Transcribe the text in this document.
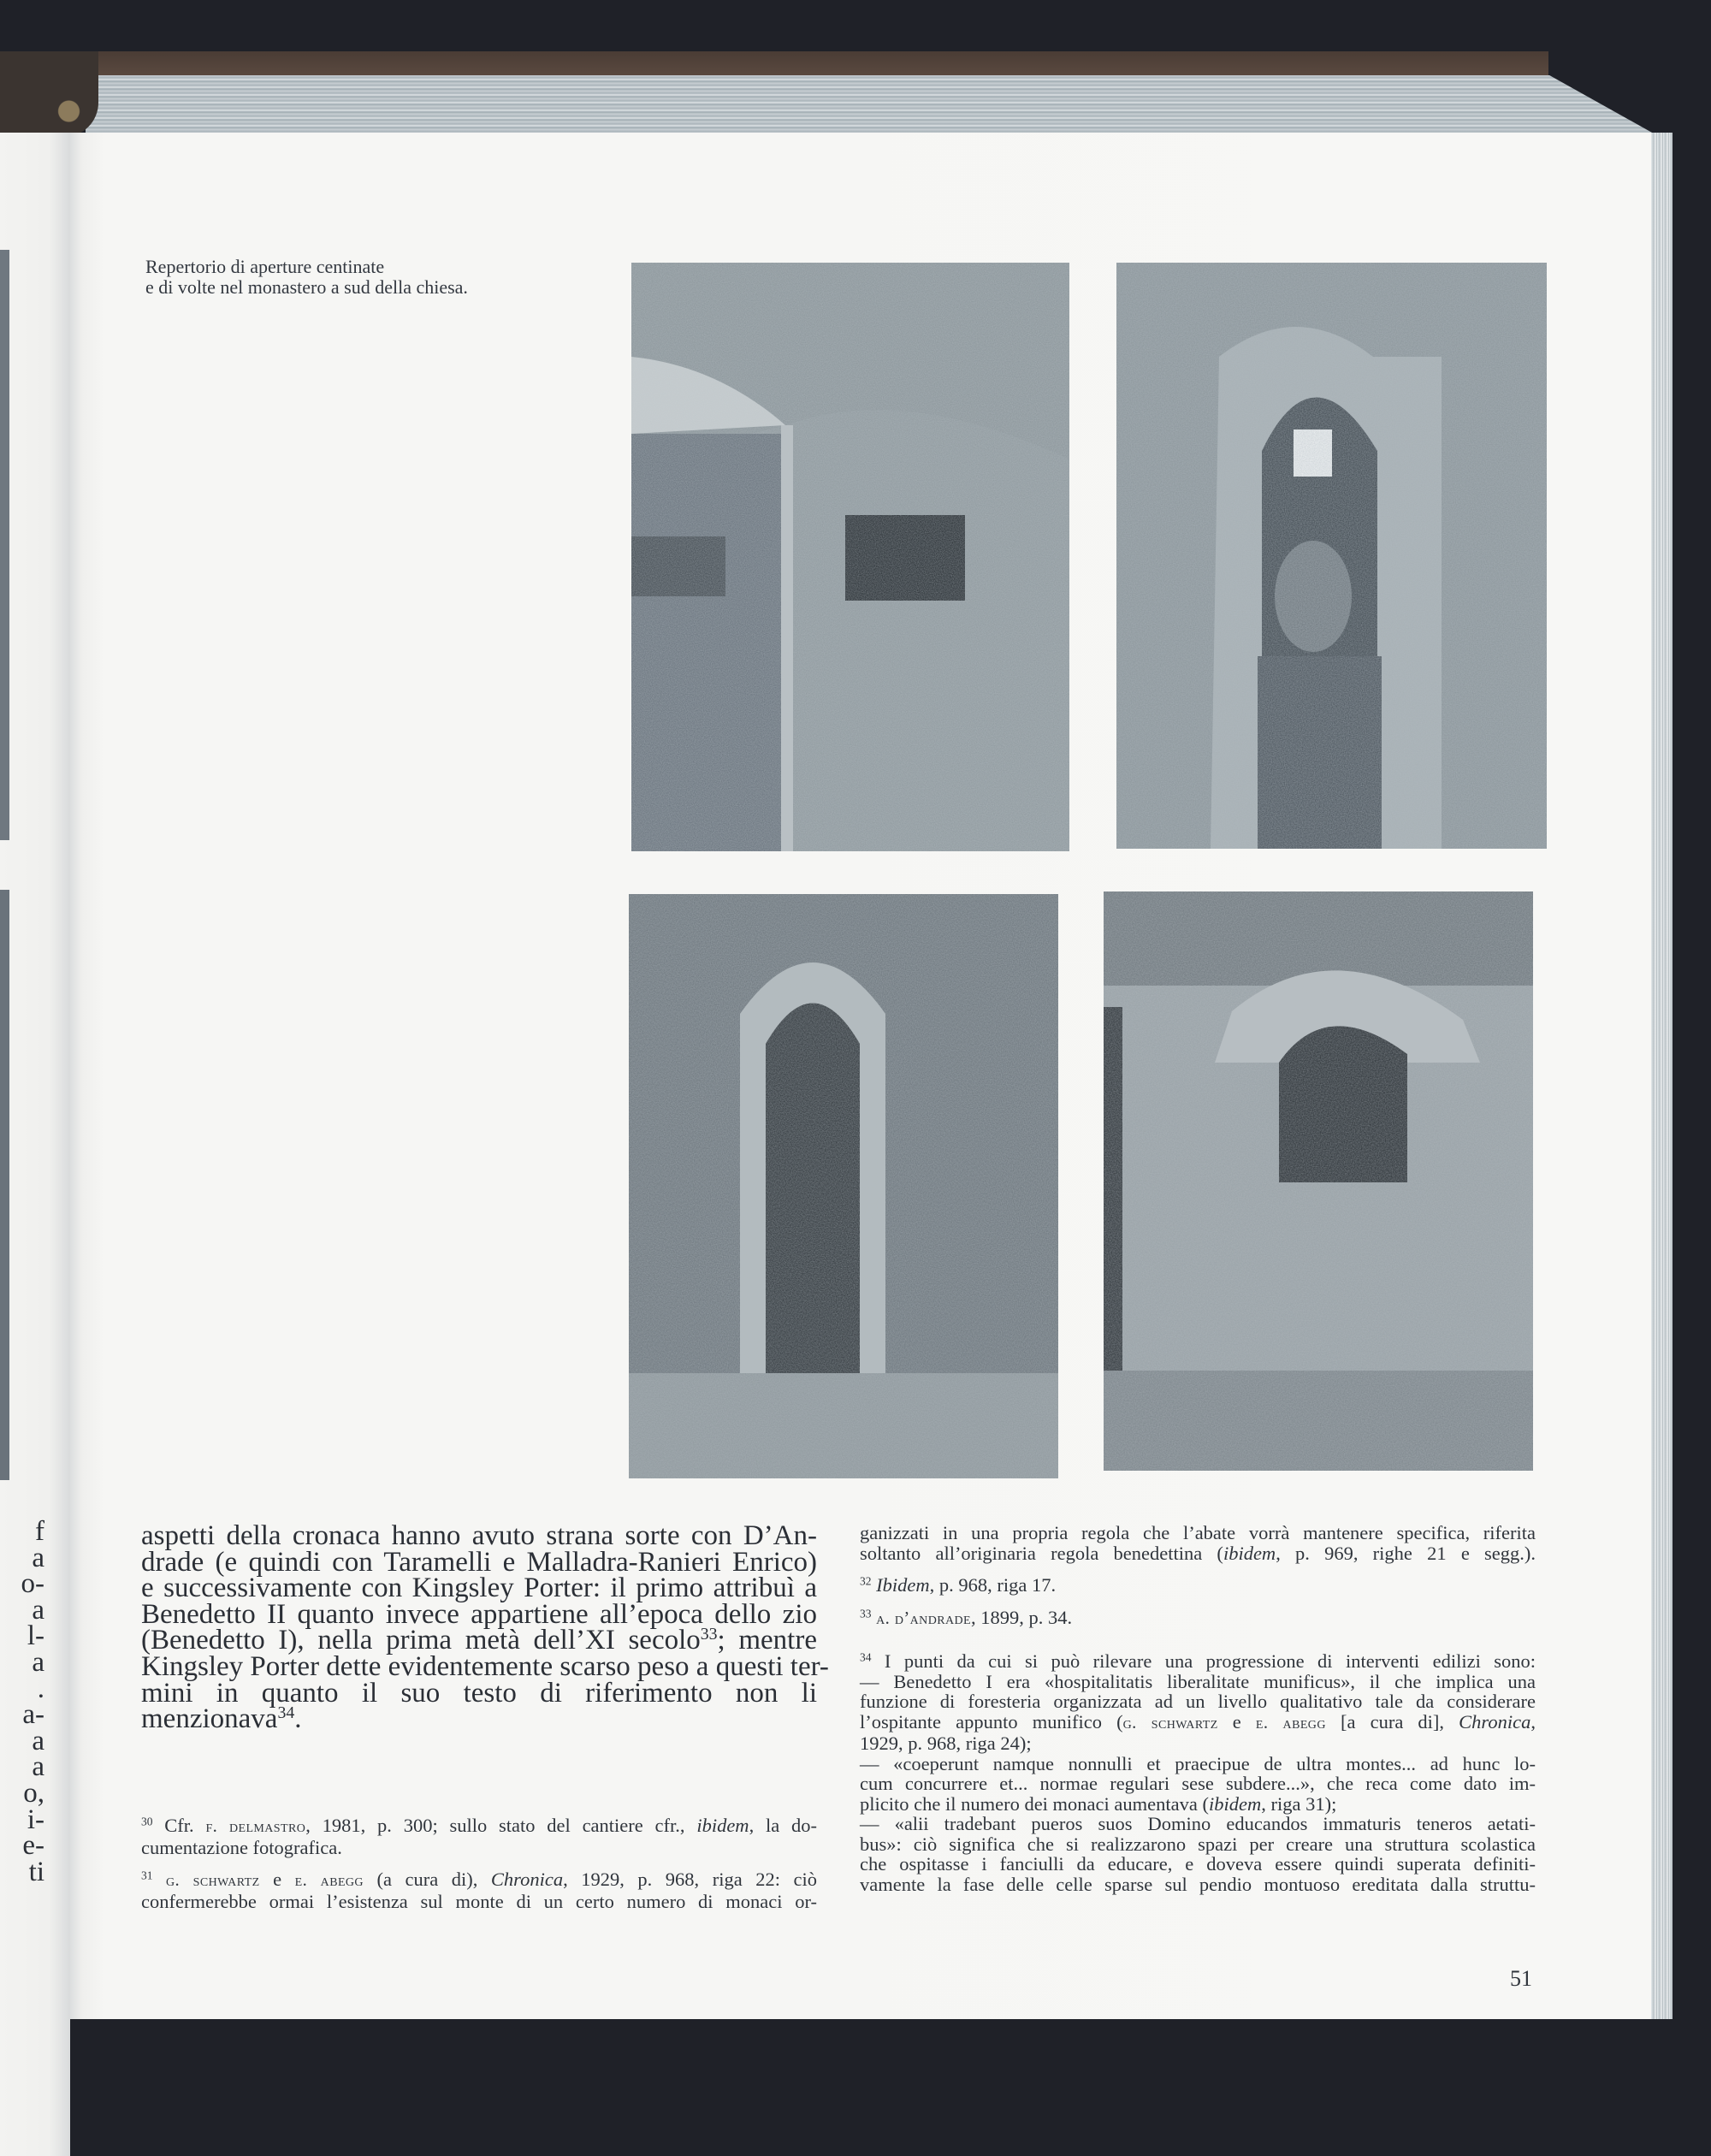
f
a
o-
a
l-
a
.
a-
a
a
o,
i-
e-
ti
Repertorio di aperture centinate
e di volte nel monastero a sud della chiesa.
aspetti della cronaca hanno avuto strana sorte con D’An-
drade (e quindi con Taramelli e Malladra-Ranieri Enrico)
e successivamente con Kingsley Porter: il primo attribuì a
Benedetto II quanto invece appartiene all’epoca dello zio
(Benedetto I), nella prima metà dell’XI secolo$^{33}$; mentre
Kingsley Porter dette evidentemente scarso peso a questi ter-
mini in quanto il suo testo di riferimento non li
menzionava$^{34}$.
$^{30}$ Cfr. f. delmastro, 1981, p. 300; sullo stato del cantiere cfr., ibidem, la do-
cumentazione fotografica.
$^{31}$ g. schwartz e e. abegg (a cura di), Chronica, 1929, p. 968, riga 22: ciò
confermerebbe ormai l’esistenza sul monte di un certo numero di monaci or-
ganizzati in una propria regola che l’abate vorrà mantenere specifica, riferita
soltanto all’originaria regola benedettina (ibidem, p. 969, righe 21 e segg.).
$^{32}$ Ibidem, p. 968, riga 17.
$^{33}$ a. d’andrade, 1899, p. 34.
$^{34}$ I punti da cui si può rilevare una progressione di interventi edilizi sono:
— Benedetto I era «hospitalitatis liberalitate munificus», il che implica una
funzione di foresteria organizzata ad un livello qualitativo tale da considerare
l’ospitante appunto munifico (g. schwartz e e. abegg [a cura di], Chronica,
1929, p. 968, riga 24);
— «coeperunt namque nonnulli et praecipue de ultra montes... ad hunc lo-
cum concurrere et... normae regulari sese subdere...», che reca come dato im-
plicito che il numero dei monaci aumentava (ibidem, riga 31);
— «alii tradebant pueros suos Domino educandos immaturis teneros aetati-
bus»: ciò significa che si realizzarono spazi per creare una struttura scolastica
che ospitasse i fanciulli da educare, e doveva essere quindi superata definiti-
vamente la fase delle celle sparse sul pendio montuoso ereditata dalla struttu-
51
